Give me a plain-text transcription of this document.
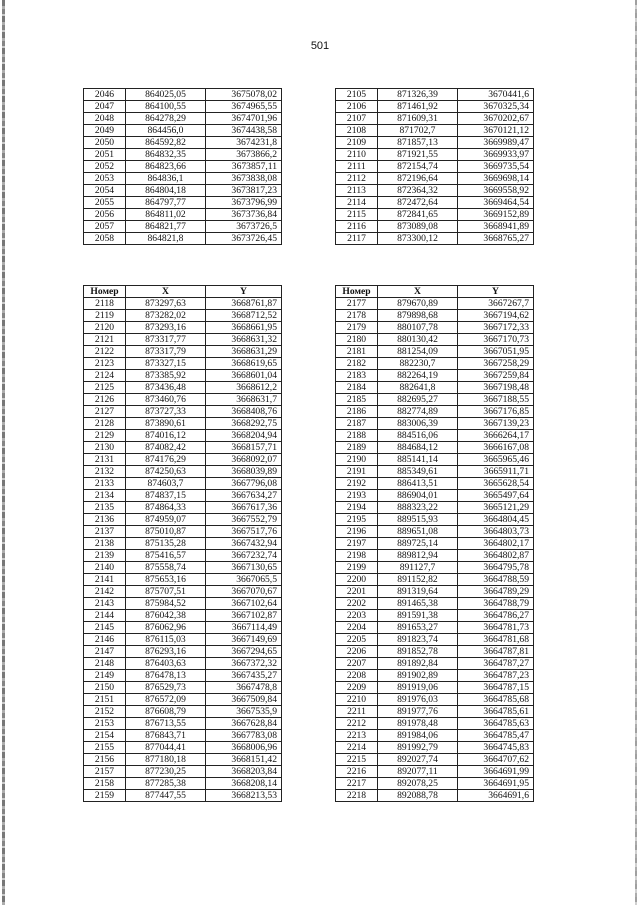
501
2046	864025,05	3675078,02
2047	864100,55	3674965,55
2048	864278,29	3674701,96
2049	864456,0	3674438,58
2050	864592,82	3674231,8
2051	864832,35	3673866,2
2052	864823,66	3673857,11
2053	864836,1	3673838,08
2054	864804,18	3673817,23
2055	864797,77	3673796,99
2056	864811,02	3673736,84
2057	864821,77	3673726,5
2058	864821,8	3673726,45
2105	871326,39	3670441,6
2106	871461,92	3670325,34
2107	871609,31	3670202,67
2108	871702,7	3670121,12
2109	871857,13	3669989,47
2110	871921,55	3669933,97
2111	872154,74	3669735,54
2112	872196,64	3669698,14
2113	872364,32	3669558,92
2114	872472,64	3669464,54
2115	872841,65	3669152,89
2116	873089,08	3668941,89
2117	873300,12	3668765,27
Номер	X	Y
2118	873297,63	3668761,87
2119	873282,02	3668712,52
2120	873293,16	3668661,95
2121	873317,77	3668631,32
2122	873317,79	3668631,29
2123	873327,15	3668619,65
2124	873385,92	3668601,04
2125	873436,48	3668612,2
2126	873460,76	3668631,7
2127	873727,33	3668408,76
2128	873890,61	3668292,75
2129	874016,12	3668204,94
2130	874082,42	3668157,71
2131	874176,29	3668092,07
2132	874250,63	3668039,89
2133	874603,7	3667796,08
2134	874837,15	3667634,27
2135	874864,33	3667617,36
2136	874959,07	3667552,79
2137	875010,87	3667517,76
2138	875135,28	3667432,94
2139	875416,57	3667232,74
2140	875558,74	3667130,65
2141	875653,16	3667065,5
2142	875707,51	3667070,67
2143	875984,52	3667102,64
2144	876042,38	3667102,87
2145	876062,96	3667114,49
2146	876115,03	3667149,69
2147	876293,16	3667294,65
2148	876403,63	3667372,32
2149	876478,13	3667435,27
2150	876529,73	3667478,8
2151	876572,09	3667509,84
2152	876608,79	3667535,9
2153	876713,55	3667628,84
2154	876843,71	3667783,08
2155	877044,41	3668006,96
2156	877180,18	3668151,42
2157	877230,25	3668203,84
2158	877285,38	3668208,14
2159	877447,55	3668213,53
Номер	X	Y
2177	879670,89	3667267,7
2178	879898,68	3667194,62
2179	880107,78	3667172,33
2180	880130,42	3667170,73
2181	881254,09	3667051,95
2182	882230,7	3667258,29
2183	882264,19	3667259,84
2184	882641,8	3667198,48
2185	882695,27	3667188,55
2186	882774,89	3667176,85
2187	883006,39	3667139,23
2188	884516,06	3666264,17
2189	884684,12	3666167,08
2190	885141,14	3665965,46
2191	885349,61	3665911,71
2192	886413,51	3665628,54
2193	886904,01	3665497,64
2194	888323,22	3665121,29
2195	889515,93	3664804,45
2196	889651,08	3664803,73
2197	889725,14	3664802,17
2198	889812,94	3664802,87
2199	891127,7	3664795,78
2200	891152,82	3664788,59
2201	891319,64	3664789,29
2202	891465,38	3664788,79
2203	891591,38	3664786,27
2204	891653,27	3664781,73
2205	891823,74	3664781,68
2206	891852,78	3664787,81
2207	891892,84	3664787,27
2208	891902,89	3664787,23
2209	891919,06	3664787,15
2210	891976,03	3664785,68
2211	891977,76	3664785,61
2212	891978,48	3664785,63
2213	891984,06	3664785,47
2214	891992,79	3664745,83
2215	892027,74	3664707,62
2216	892077,11	3664691,99
2217	892078,25	3664691,95
2218	892088,78	3664691,6
